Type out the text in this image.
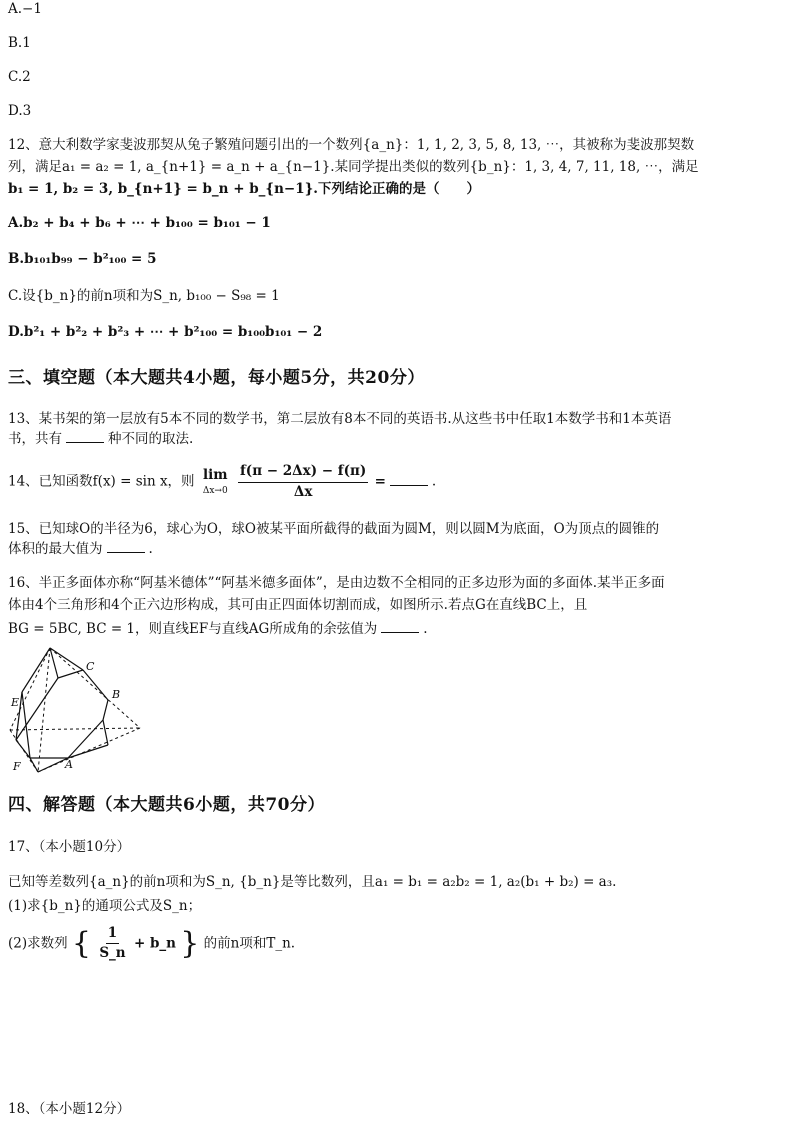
A.−1
B.1
C.2
D.3
12、意大利数学家斐波那契从兔子繁殖问题引出的一个数列{a_n}：1, 1, 2, 3, 5, 8, 13, ⋯，其被称为斐波那契数
列，满足a₁ = a₂ = 1, a_{n+1} = a_n + a_{n−1}.某同学提出类似的数列{b_n}：1, 3, 4, 7, 11, 18, ⋯，满足
b₁ = 1, b₂ = 3, b_{n+1} = b_n + b_{n−1}.下列结论正确的是（　　）
A.b₂ + b₄ + b₆ + ⋯ + b₁₀₀ = b₁₀₁ − 1
B.b₁₀₁b₉₉ − b²₁₀₀ = 5
C.设{b_n}的前n项和为S_n, b₁₀₀ − S₉₈ = 1
D.b²₁ + b²₂ + b²₃ + ⋯ + b²₁₀₀ = b₁₀₀b₁₀₁ − 2
三、填空题（本大题共4小题，每小题5分，共20分）
13、某书架的第一层放有5本不同的数学书，第二层放有8本不同的英语书.从这些书中任取1本数学书和1本英语
书，共有	种不同的取法.
14、已知函数f(x) = sin x，则 lim
Δx→0
$\frac{f(\pi - 2\Delta x) - f(\pi)}{\Delta x}$ =	.
15、已知球O的半径为6，球心为O，球O被某平面所截得的截面为圆M，则以圆M为底面，O为顶点的圆锥的
体积的最大值为	.
16、半正多面体亦称“阿基米德体”“阿基米德多面体”，是由边数不全相同的正多边形为面的多面体.某半正多面
体由4个三角形和4个正六边形构成，其可由正四面体切割而成，如图所示.若点G在直线BC上，且
BG = 5BC, BC = 1，则直线EF与直线AG所成角的余弦值为	.
C
B
E
F	A
四、解答题（本大题共6小题，共70分）
17、（本小题10分）
已知等差数列{a_n}的前n项和为S_n, {b_n}是等比数列，且a₁ = b₁ = a₂b₂ = 1, a₂(b₁ + b₂) = a₃.
(1)求{b_n}的通项公式及S_n；
(2)求数列 { $\frac{1}{S\_n}$ + b_n } 的前n项和T_n.
18、（本小题12分）
